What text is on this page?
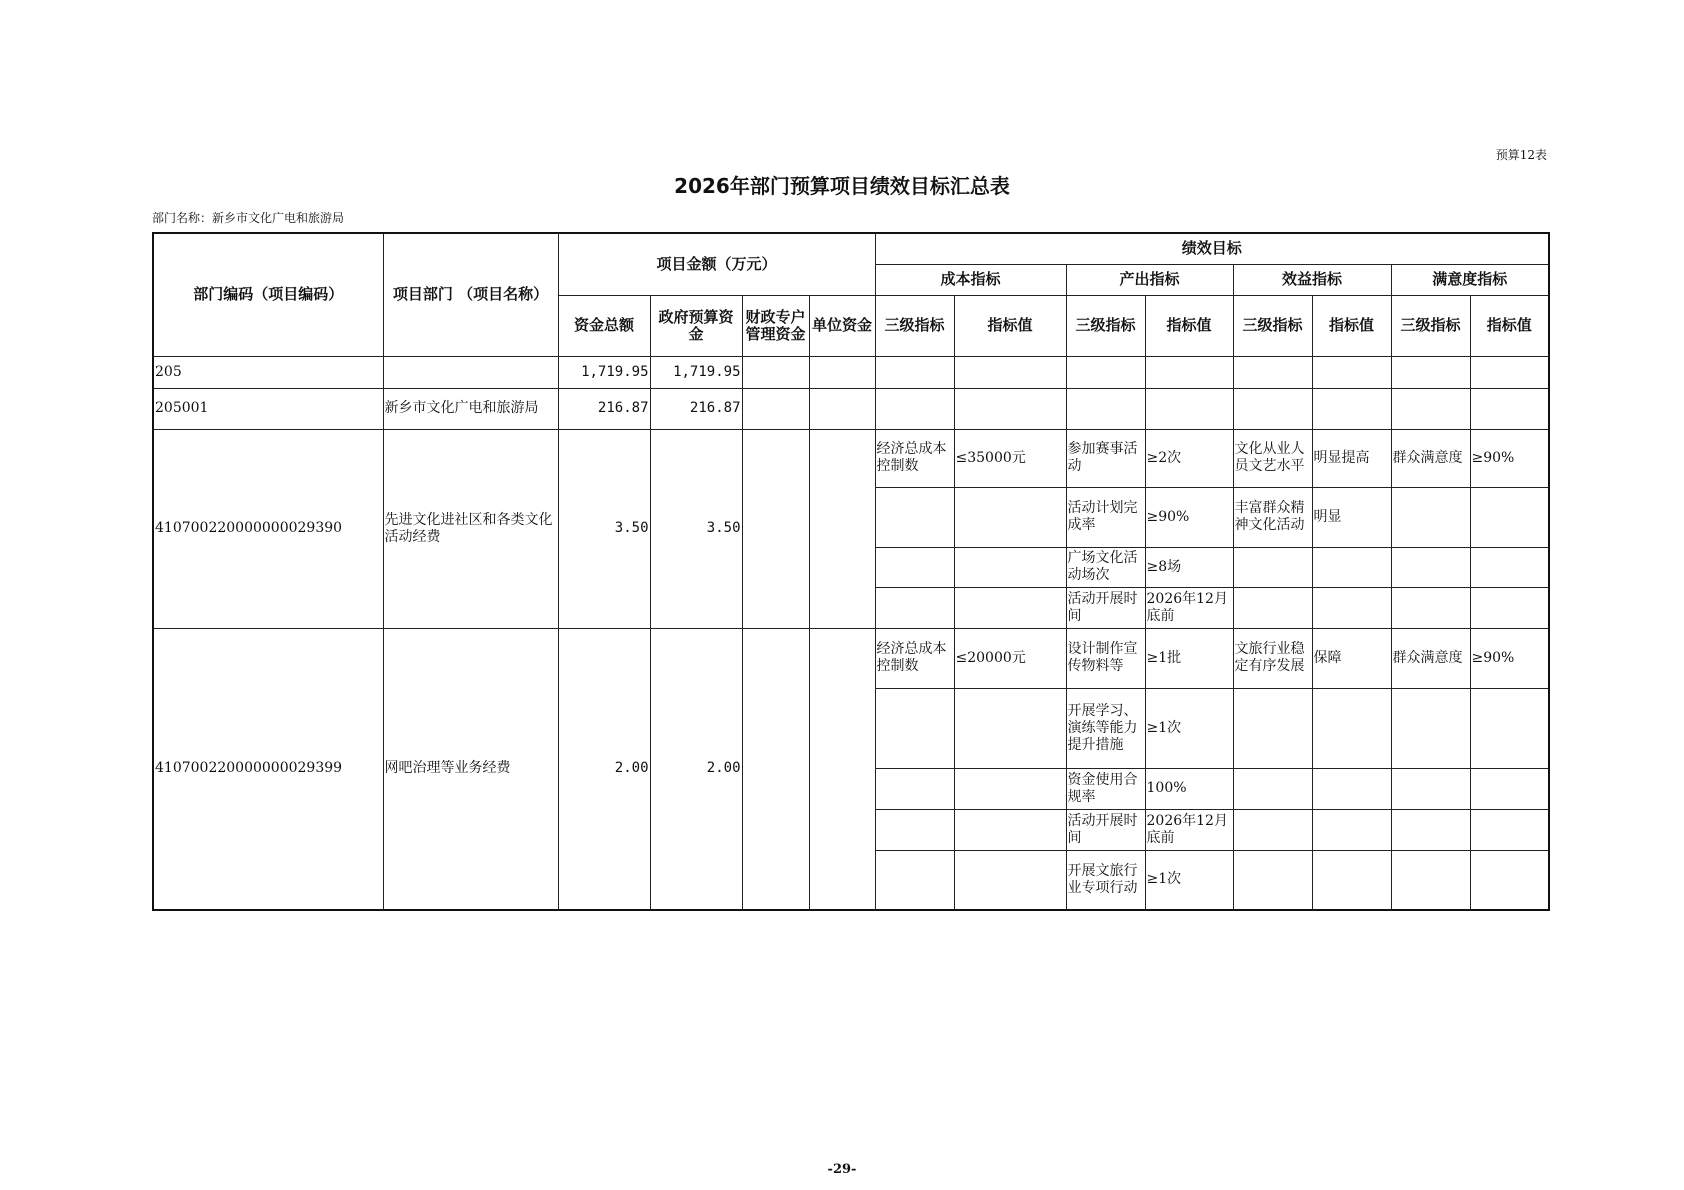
预算12表
2026年部门预算项目绩效目标汇总表
部门名称：新乡市文化广电和旅游局
部门编码（项目编码）	项目部门 （项目名称）	项目金额（万元）				绩效目标							
						成本指标		产出指标		效益指标		满意度指标	
		资金总额	政府预算资金	财政专户管理资金	单位资金	三级指标	指标值	三级指标	指标值	三级指标	指标值	三级指标	指标值
205		1,719.95	1,719.95										
205001	新乡市文化广电和旅游局	216.87	216.87										
410700220000000029390	先进文化进社区和各类文化活动经费	3.50	3.50			经济总成本控制数	≤35000元	参加赛事活动	≥2次	文化从业人员文艺水平	明显提高	群众满意度	≥90%
								活动计划完成率	≥90%	丰富群众精神文化活动	明显		
								广场文化活动场次	≥8场				
								活动开展时间	2026年12月底前				
410700220000000029399	网吧治理等业务经费	2.00	2.00			经济总成本控制数	≤20000元	设计制作宣传物料等	≥1批	文旅行业稳定有序发展	保障	群众满意度	≥90%
								开展学习、演练等能力提升措施	≥1次				
								资金使用合规率	100%				
								活动开展时间	2026年12月底前				
								开展文旅行业专项行动	≥1次				
-29-
